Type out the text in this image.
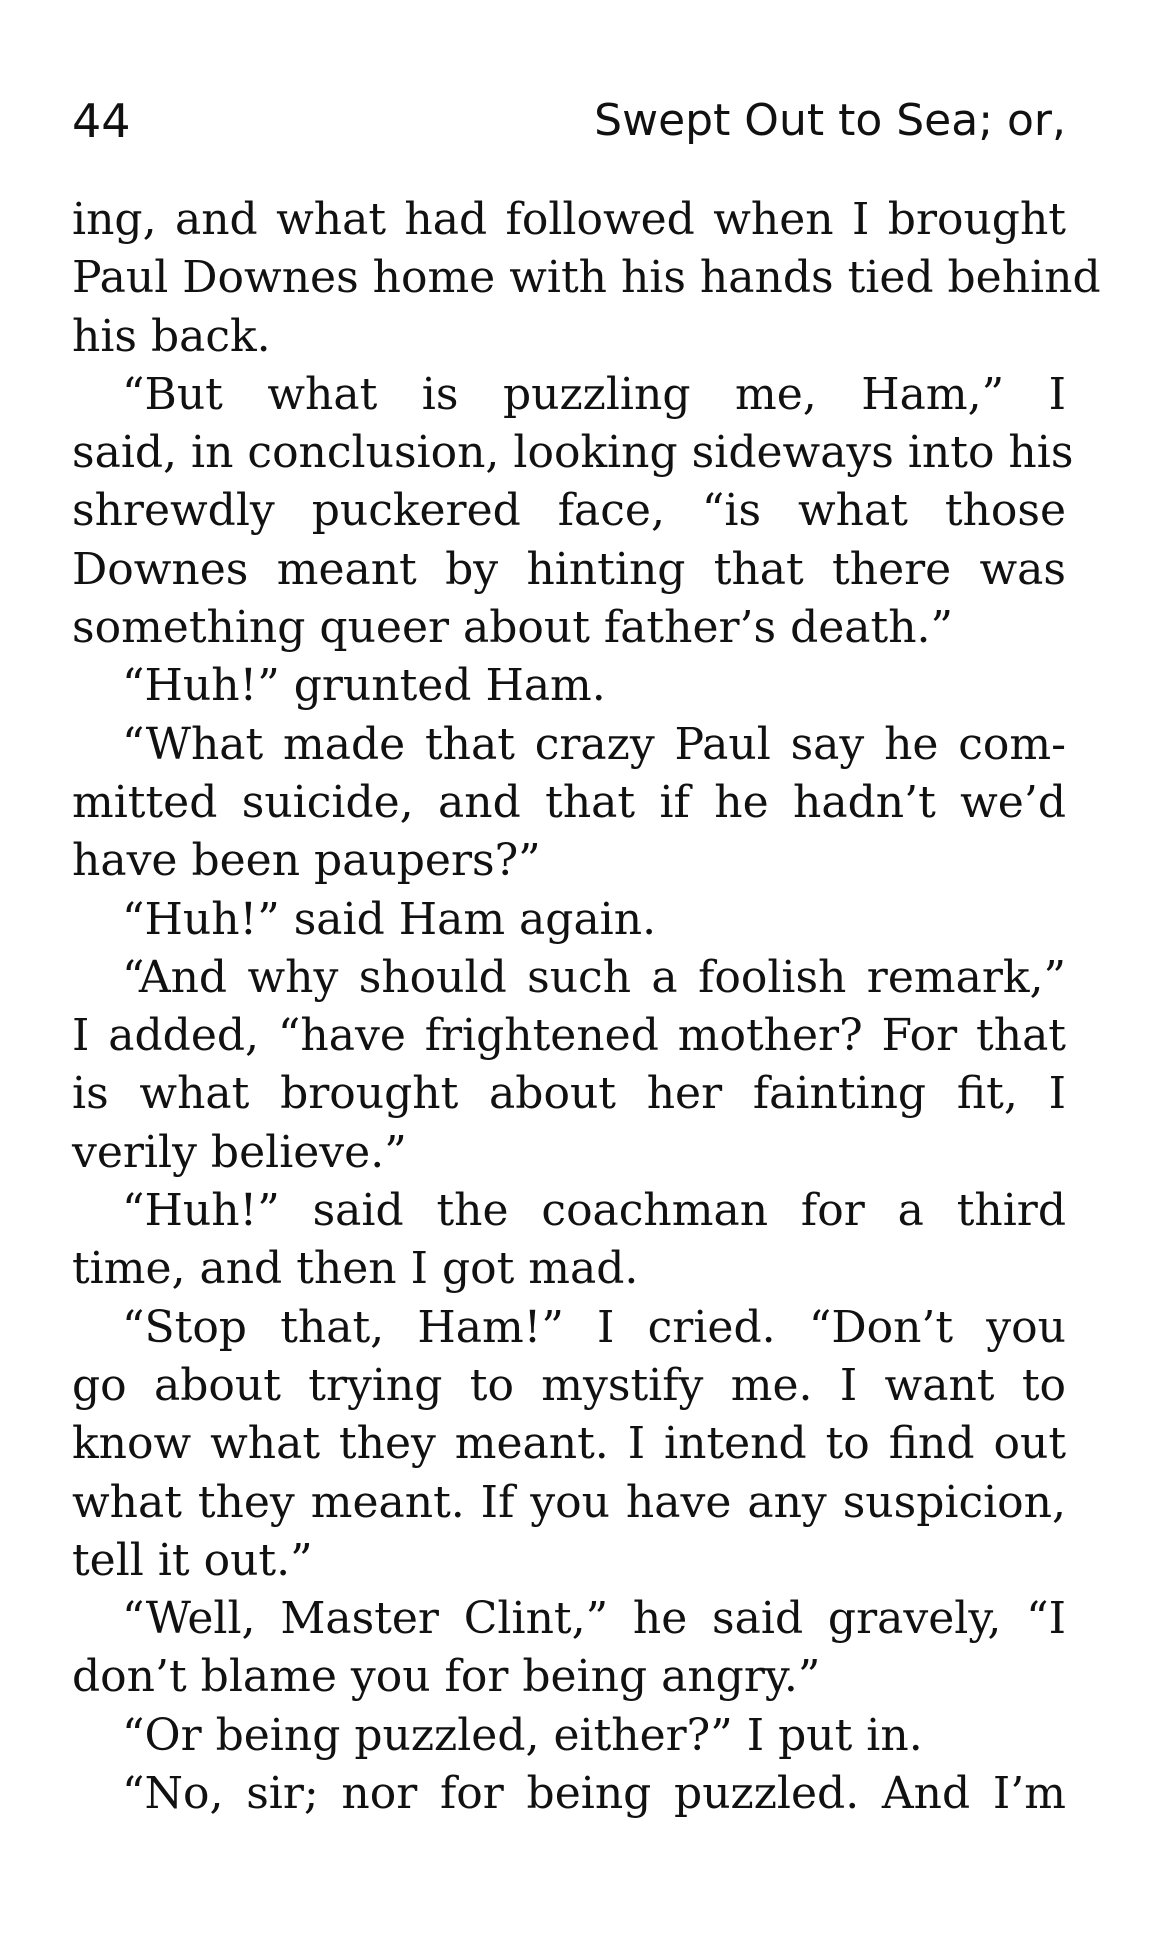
44	Swept Out to Sea; or,
ing, and what had followed when I brought
Paul Downes home with his hands tied behind
his back.
“But what is puzzling me, Ham,” I
said, in conclusion, looking sideways into his
shrewdly puckered face, “is what those
Downes meant by hinting that there was
something queer about father’s death.”
“Huh!” grunted Ham.
“What made that crazy Paul say he com-
mitted suicide, and that if he hadn’t we’d
have been paupers?”
“Huh!” said Ham again.
“And why should such a foolish remark,”
I added, “have frightened mother? For that
is what brought about her fainting fit, I
verily believe.”
“Huh!” said the coachman for a third
time, and then I got mad.
“Stop that, Ham!” I cried. “Don’t you
go about trying to mystify me. I want to
know what they meant. I intend to find out
what they meant. If you have any suspicion,
tell it out.”
“Well, Master Clint,” he said gravely, “I
don’t blame you for being angry.”
“Or being puzzled, either?” I put in.
“No, sir; nor for being puzzled. And I’m
